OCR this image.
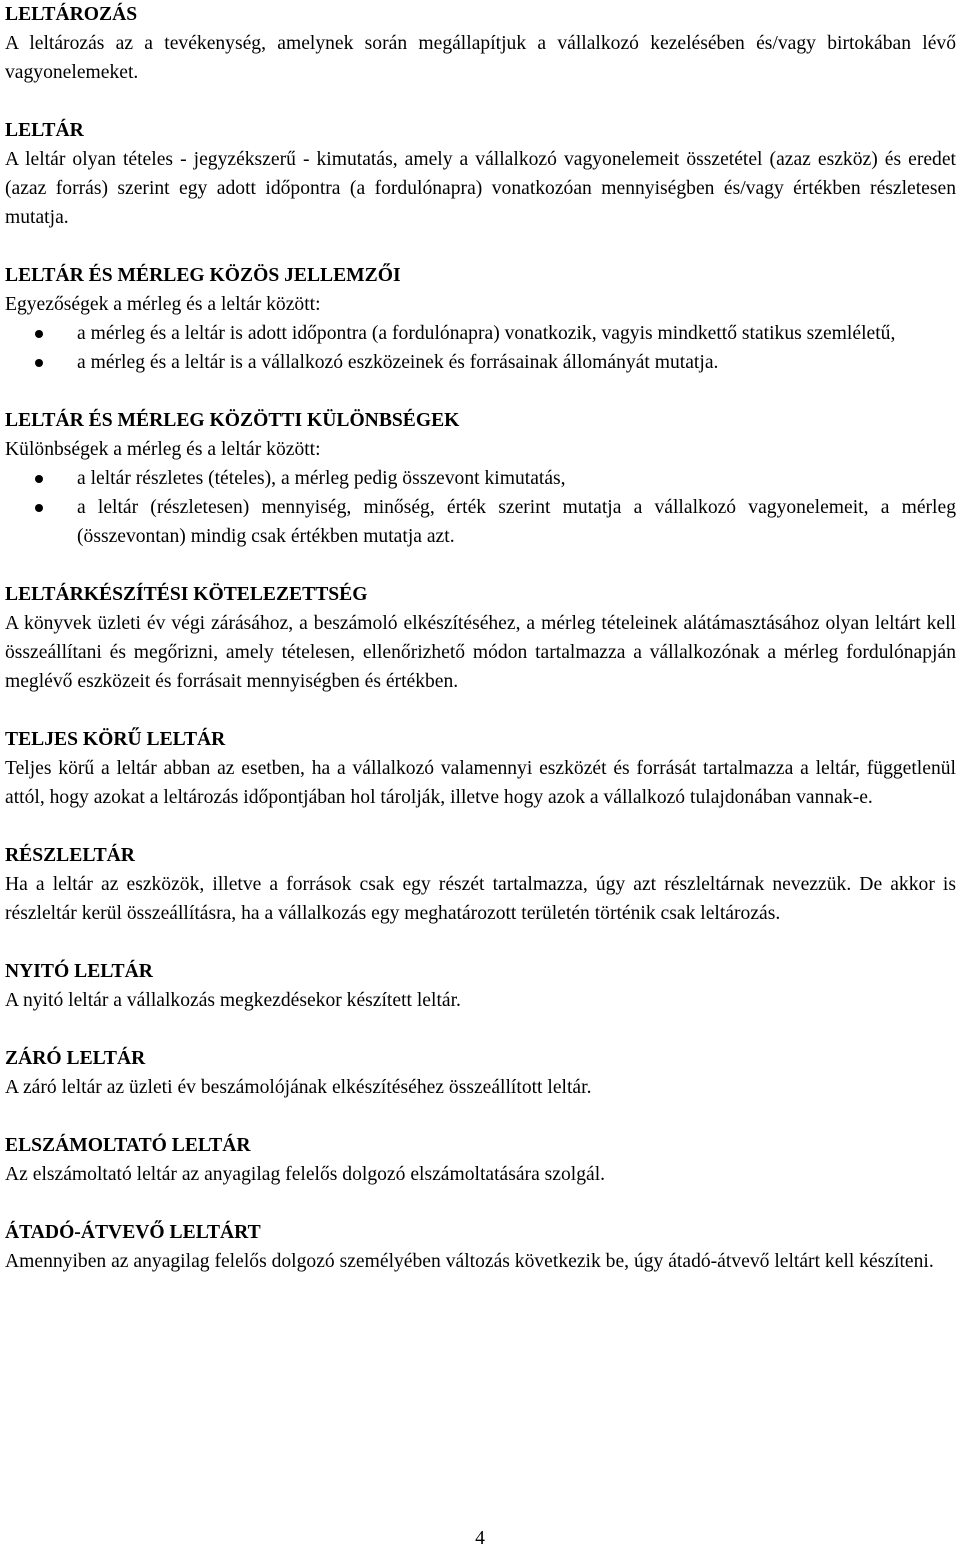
LELTÁROZÁS

A leltározás az a tevékenység, amelynek során megállapítjuk a vállalkozó kezelésében és/vagy birtokában lévő vagyonelemeket.

LELTÁR

A leltár olyan tételes - jegyzékszerű - kimutatás, amely a vállalkozó vagyonelemeit összetétel (azaz eszköz) és eredet (azaz forrás) szerint egy adott időpontra (a fordulónapra) vonatkozóan mennyiségben és/vagy értékben részletesen mutatja.

LELTÁR ÉS MÉRLEG KÖZÖS JELLEMZŐI

Egyezőségek a mérleg és a leltár között:

a mérleg és a leltár is adott időpontra (a fordulónapra) vonatkozik, vagyis mindkettő statikus szemléletű,
a mérleg és a leltár is a vállalkozó eszközeinek és forrásainak állományát mutatja.

LELTÁR ÉS MÉRLEG KÖZÖTTI KÜLÖNBSÉGEK

Különbségek a mérleg és a leltár között:

a leltár részletes (tételes), a mérleg pedig összevont kimutatás,
a leltár (részletesen) mennyiség, minőség, érték szerint mutatja a vállalkozó vagyonelemeit, a mérleg (összevontan) mindig csak értékben mutatja azt.

LELTÁRKÉSZÍTÉSI KÖTELEZETTSÉG

A könyvek üzleti év végi zárásához, a beszámoló elkészítéséhez, a mérleg tételeinek alátámasztásához olyan leltárt kell összeállítani és megőrizni, amely tételesen, ellenőrizhető módon tartalmazza a vállalkozónak a mérleg fordulónapján meglévő eszközeit és forrásait mennyiségben és értékben.

TELJES KÖRŰ LELTÁR

Teljes körű a leltár abban az esetben, ha a vállalkozó valamennyi eszközét és forrását tartalmazza a leltár, függetlenül attól, hogy azokat a leltározás időpontjában hol tárolják, illetve hogy azok a vállalkozó tulajdonában vannak-e.

RÉSZLELTÁR

Ha a leltár az eszközök, illetve a források csak egy részét tartalmazza, úgy azt részleltárnak nevezzük. De akkor is részleltár kerül összeállításra, ha a vállalkozás egy meghatározott területén történik csak leltározás.

NYITÓ LELTÁR

A nyitó leltár a vállalkozás megkezdésekor készített leltár.

ZÁRÓ LELTÁR

A záró leltár az üzleti év beszámolójának elkészítéséhez összeállított leltár.

ELSZÁMOLTATÓ LELTÁR

Az elszámoltató leltár az anyagilag felelős dolgozó elszámoltatására szolgál.

ÁTADÓ-ÁTVEVŐ LELTÁRT

Amennyiben az anyagilag felelős dolgozó személyében változás következik be, úgy átadó-átvevő leltárt kell készíteni.

4
